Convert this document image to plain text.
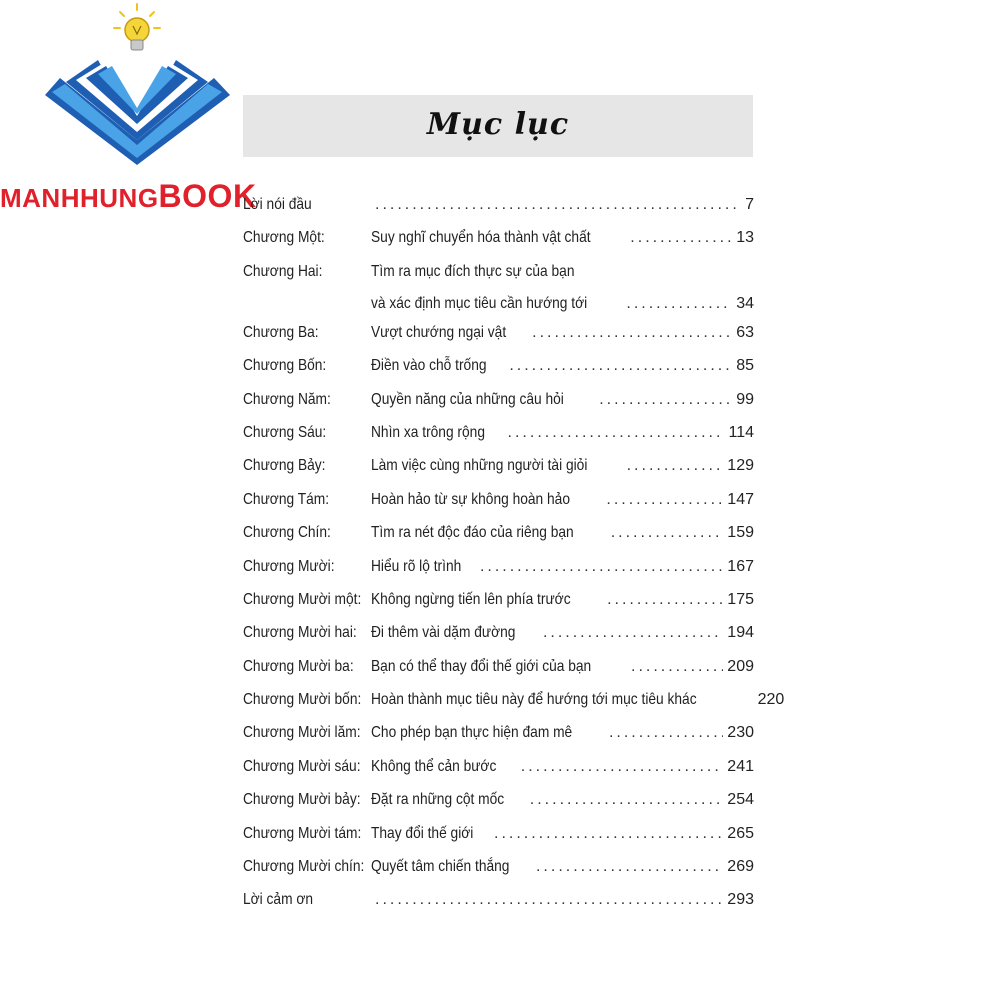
MANHHUNGBOOK
Mục lục
Lời nói đầu .....	7
Chương Một:	Suy nghĩ chuyển hóa thành vật chất .....	13
Chương Hai:	Tìm ra mục đích thực sự của bạn
và xác định mục tiêu cần hướng tới .....	34
Chương Ba:	Vượt chướng ngại vật .....	63
Chương Bốn:	Điền vào chỗ trống .....	85
Chương Năm:	Quyền năng của những câu hỏi .....	99
Chương Sáu:	Nhìn xa trông rộng .....	114
Chương Bảy:	Làm việc cùng những người tài giỏi .....	129
Chương Tám:	Hoàn hảo từ sự không hoàn hảo .....	147
Chương Chín:	Tìm ra nét độc đáo của riêng bạn .....	159
Chương Mười: Hiểu rõ lộ trình .....	167
Chương Mười một: Không ngừng tiến lên phía trước .....	175
Chương Mười hai: Đi thêm vài dặm đường .....	194
Chương Mười ba: Bạn có thể thay đổi thế giới của bạn .....	209
Chương Mười bốn: Hoàn thành mục tiêu này để hướng tới mục tiêu khác	220
Chương Mười lăm: Cho phép bạn thực hiện đam mê .....	230
Chương Mười sáu: Không thể cản bước .....	241
Chương Mười bảy: Đặt ra những cột mốc .....	254
Chương Mười tám: Thay đổi thế giới .....	265
Chương Mười chín: Quyết tâm chiến thắng .....	269
Lời cảm ơn .....	293
